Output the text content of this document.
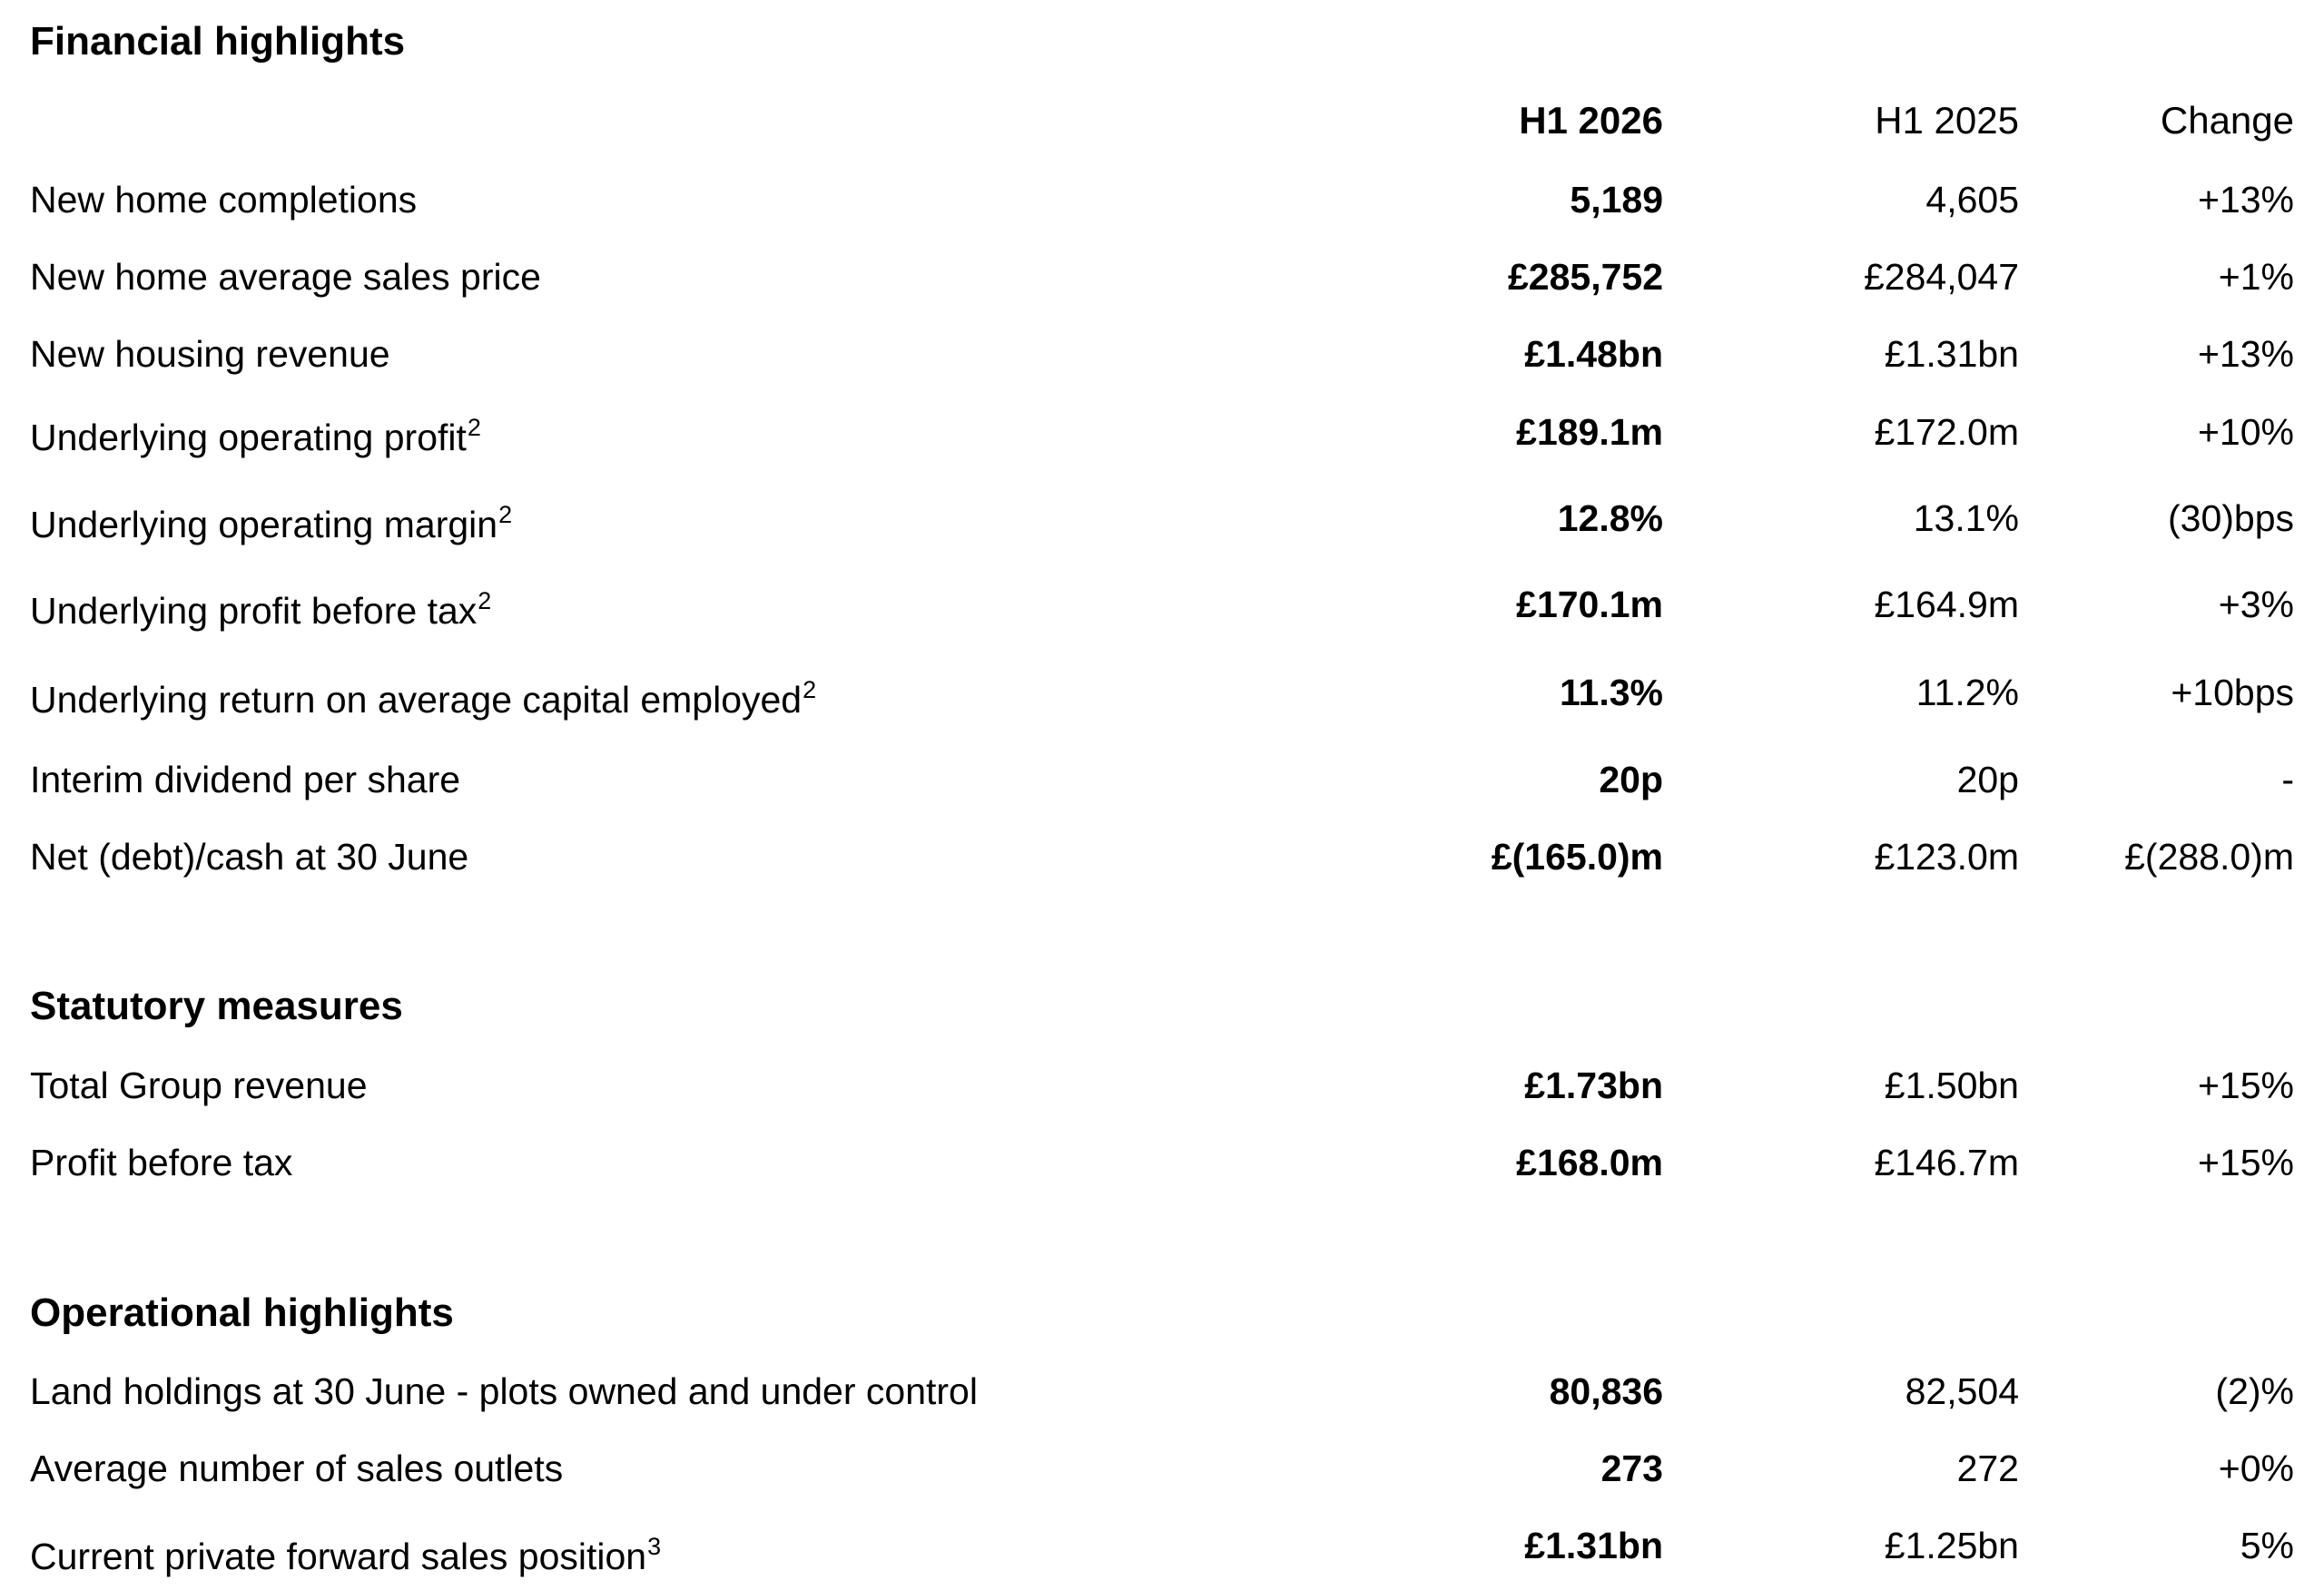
Financial highlights
H1 2026	H1 2025	Change
New home completions	5,189	4,605	+13%
New home average sales price	£285,752	£284,047	+1%
New housing revenue	£1.48bn	£1.31bn	+13%
Underlying operating profit$^2$	£189.1m	£172.0m	+10%
Underlying operating margin$^2$	12.8%	13.1%	(30)bps
Underlying profit before tax$^2$	£170.1m	£164.9m	+3%
Underlying return on average capital employed$^2$	11.3%	11.2%	+10bps
Interim dividend per share	20p	20p	-
Net (debt)/cash at 30 June	£(165.0)m	£123.0m	£(288.0)m
Statutory measures
Total Group revenue	£1.73bn	£1.50bn	+15%
Profit before tax	£168.0m	£146.7m	+15%
Operational highlights
Land holdings at 30 June - plots owned and under control	80,836	82,504	(2)%
Average number of sales outlets	273	272	+0%
Current private forward sales position$^3$	£1.31bn	£1.25bn	5%
